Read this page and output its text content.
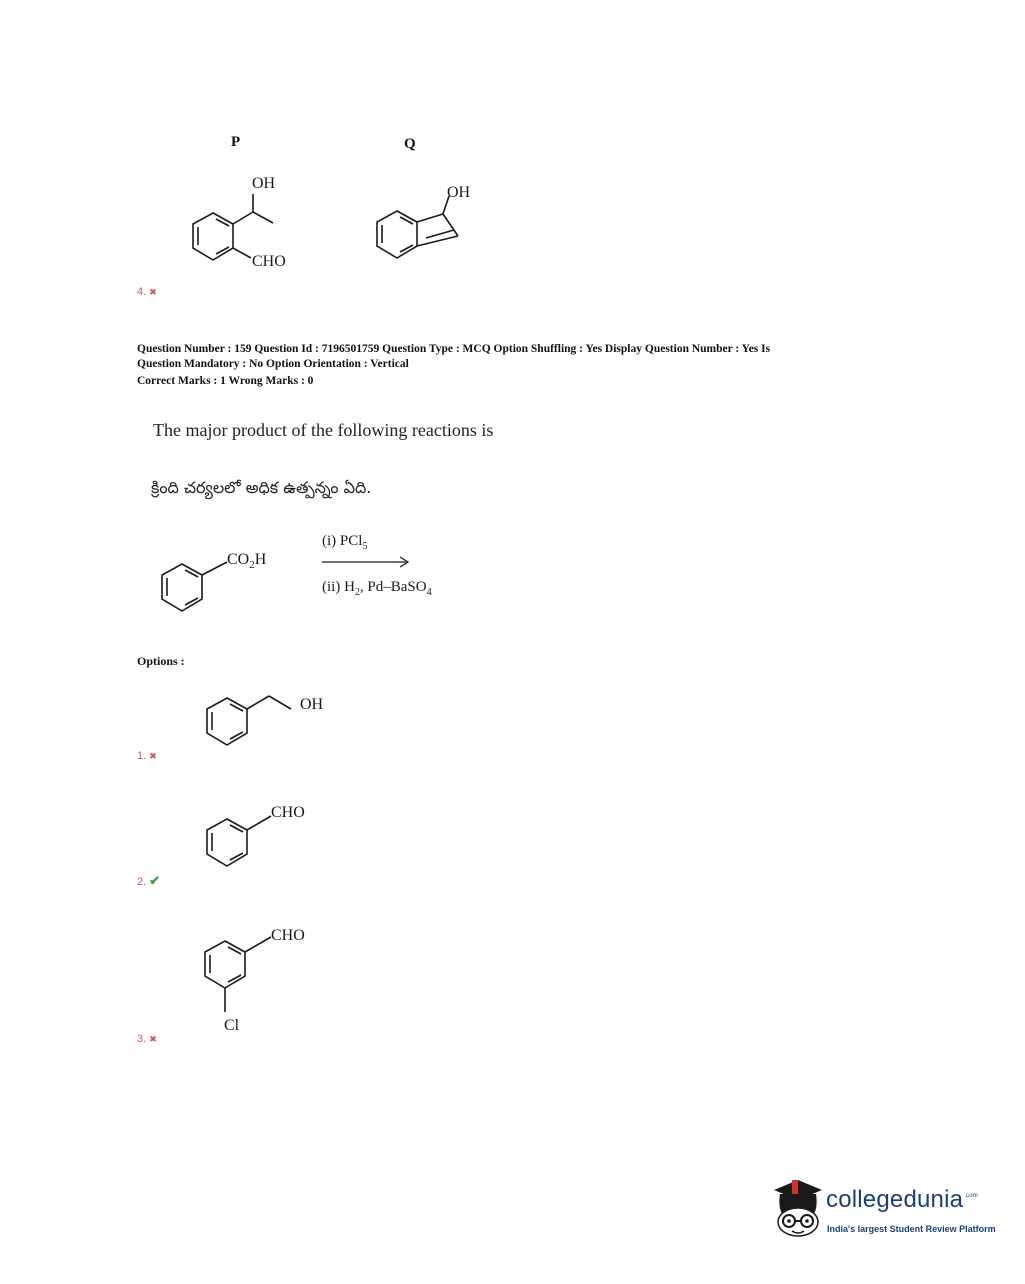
P	Q
OH
CHO
OH
4. ✖
Question Number : 159 Question Id : 7196501759 Question Type : MCQ Option Shuffling : Yes Display Question Number : Yes Is
Question Mandatory : No Option Orientation : Vertical
Correct Marks : 1 Wrong Marks : 0
The major product of the following reactions is
క్రింది చర్యలలో అధిక ఉత్పన్నం ఏది.
$CO_2H$
(i) PCl$_5$
(ii) $H_2$, Pd–BaSO$_4$
Options :
OH
1. ✖
CHO
2. ✔
CHO
Cl
3. ✖
collegedunia$^{.com}$
India's largest Student Review Platform
